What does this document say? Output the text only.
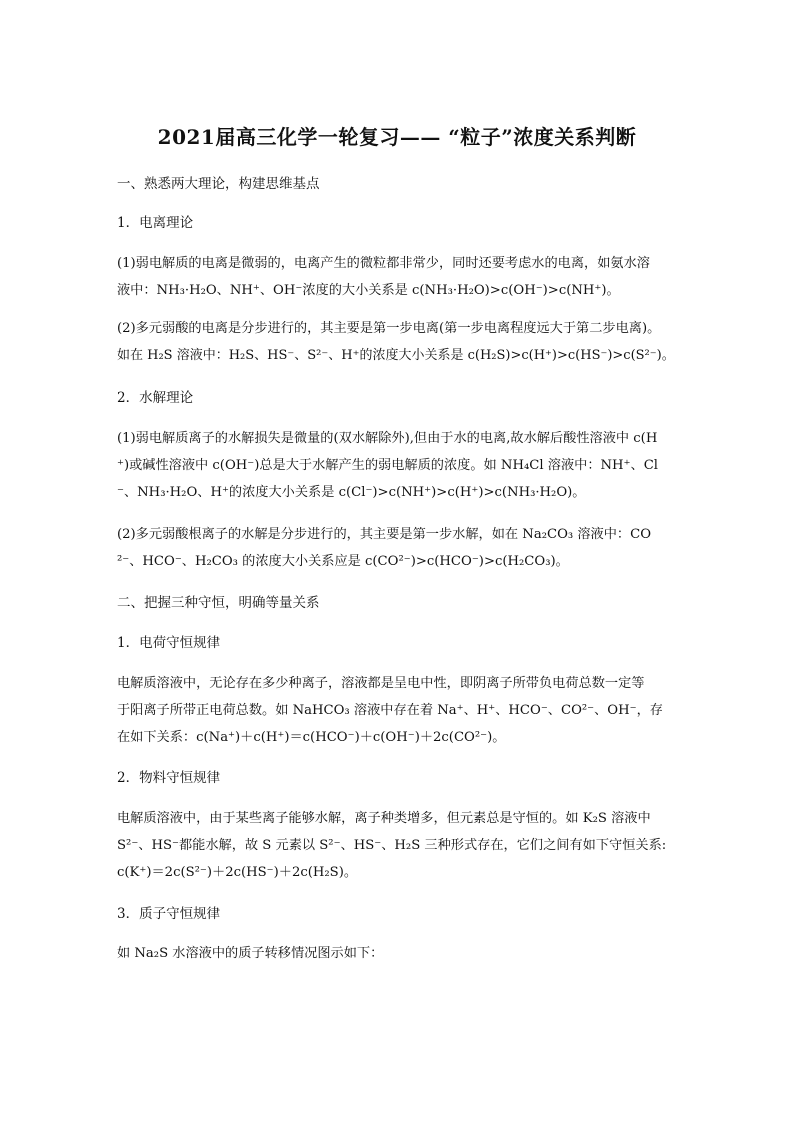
2021届高三化学一轮复习—— “粒子”浓度关系判断
一、熟悉两大理论，构建思维基点
1．电离理论
(1)弱电解质的电离是微弱的，电离产生的微粒都非常少，同时还要考虑水的电离，如氨水溶
液中：NH₃·H₂O、NH⁺、OH⁻浓度的大小关系是 c(NH₃·H₂O)>c(OH⁻)>c(NH⁺)。
(2)多元弱酸的电离是分步进行的，其主要是第一步电离(第一步电离程度远大于第二步电离)。
如在 H₂S 溶液中：H₂S、HS⁻、S²⁻、H⁺的浓度大小关系是 c(H₂S)>c(H⁺)>c(HS⁻)>c(S²⁻)。
2．水解理论
(1)弱电解质离子的水解损失是微量的(双水解除外),但由于水的电离,故水解后酸性溶液中 c(H
⁺)或碱性溶液中 c(OH⁻)总是大于水解产生的弱电解质的浓度。如 NH₄Cl 溶液中：NH⁺、Cl
⁻、NH₃·H₂O、H⁺的浓度大小关系是 c(Cl⁻)>c(NH⁺)>c(H⁺)>c(NH₃·H₂O)。
(2)多元弱酸根离子的水解是分步进行的，其主要是第一步水解，如在 Na₂CO₃ 溶液中：CO
²⁻、HCO⁻、H₂CO₃ 的浓度大小关系应是 c(CO²⁻)>c(HCO⁻)>c(H₂CO₃)。
二、把握三种守恒，明确等量关系
1．电荷守恒规律
电解质溶液中，无论存在多少种离子，溶液都是呈电中性，即阴离子所带负电荷总数一定等
于阳离子所带正电荷总数。如 NaHCO₃ 溶液中存在着 Na⁺、H⁺、HCO⁻、CO²⁻、OH⁻，存
在如下关系：c(Na⁺)＋c(H⁺)＝c(HCO⁻)＋c(OH⁻)＋2c(CO²⁻)。
2．物料守恒规律
电解质溶液中，由于某些离子能够水解，离子种类增多，但元素总是守恒的。如 K₂S 溶液中
S²⁻、HS⁻都能水解，故 S 元素以 S²⁻、HS⁻、H₂S 三种形式存在，它们之间有如下守恒关系:
c(K⁺)＝2c(S²⁻)＋2c(HS⁻)＋2c(H₂S)。
3．质子守恒规律
如 Na₂S 水溶液中的质子转移情况图示如下：
